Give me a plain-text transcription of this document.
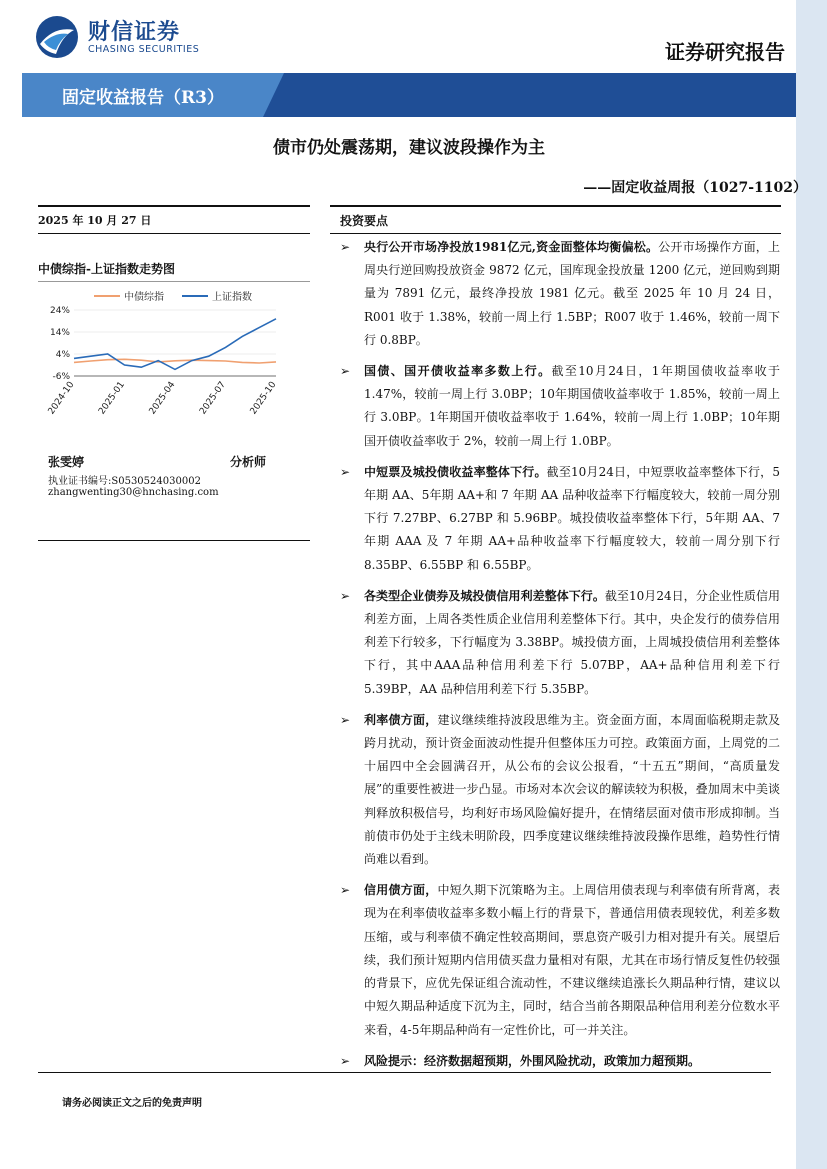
财信证券
CHASING SECURITIES	证券研究报告
固定收益报告（R3）
债市仍处震荡期，建议波段操作为主
——固定收益周报（1027-1102）
2025 年 10 月 27 日	投资要点
中债综指-上证指数走势图
中债综指	上证指数
24%
14%
4%
-6%
2024-10 2025-01 2025-04 2025-07 2025-10
张雯婷	分析师
执业证书编号:S0530524030002
zhangwenting30@hnchasing.com
➢ 央行公开市场净投放1981亿元,资金面整体均衡偏松。公开市场操作方面，上周央行逆回购投放资金 9872 亿元，国库现金投放量 1200 亿元，逆回购到期量为 7891 亿元，最终净投放 1981 亿元。截至 2025 年 10 月 24 日，R001 收于 1.38%，较前一周上行 1.5BP；R007 收于 1.46%，较前一周下行 0.8BP。
➢ 国债、国开债收益率多数上行。截至10月24日，1年期国债收益率收于 1.47%，较前一周上行 3.0BP；10年期国债收益率收于 1.85%，较前一周上行 3.0BP。1年期国开债收益率收于 1.64%，较前一周上行 1.0BP；10年期国开债收益率收于 2%，较前一周上行 1.0BP。
➢ 中短票及城投债收益率整体下行。截至10月24日，中短票收益率整体下行，5年期 AA、5年期 AA+和 7 年期 AA 品种收益率下行幅度较大，较前一周分别下行 7.27BP、6.27BP 和 5.96BP。城投债收益率整体下行，5年期 AA、7年期 AAA 及 7 年期 AA+品种收益率下行幅度较大，较前一周分别下行 8.35BP、6.55BP 和 6.55BP。
➢ 各类型企业债券及城投债信用利差整体下行。截至10月24日，分企业性质信用利差方面，上周各类性质企业信用利差整体下行。其中，央企发行的债券信用利差下行较多，下行幅度为 3.38BP。城投债方面，上周城投债信用利差整体下行，其中AAA品种信用利差下行 5.07BP，AA+品种信用利差下行 5.39BP，AA 品种信用利差下行 5.35BP。
➢ 利率债方面，建议继续维持波段思维为主。资金面方面，本周面临税期走款及跨月扰动，预计资金面波动性提升但整体压力可控。政策面方面，上周党的二十届四中全会圆满召开，从公布的会议公报看，“十五五”期间，“高质量发展”的重要性被进一步凸显。市场对本次会议的解读较为积极，叠加周末中美谈判释放积极信号，均利好市场风险偏好提升，在情绪层面对债市形成抑制。当前债市仍处于主线未明阶段，四季度建议继续维持波段操作思维，趋势性行情尚难以看到。
➢ 信用债方面，中短久期下沉策略为主。上周信用债表现与利率债有所背离，表现为在利率债收益率多数小幅上行的背景下，普通信用债表现较优，利差多数压缩，或与利率债不确定性较高期间，票息资产吸引力相对提升有关。展望后续，我们预计短期内信用债买盘力量相对有限，尤其在市场行情反复性仍较强的背景下，应优先保证组合流动性，不建议继续追涨长久期品种行情，建议以中短久期品种适度下沉为主，同时，结合当前各期限品种信用利差分位数水平来看，4-5年期品种尚有一定性价比，可一并关注。
➢ 风险提示：经济数据超预期，外围风险扰动，政策加力超预期。
请务必阅读正文之后的免责声明
